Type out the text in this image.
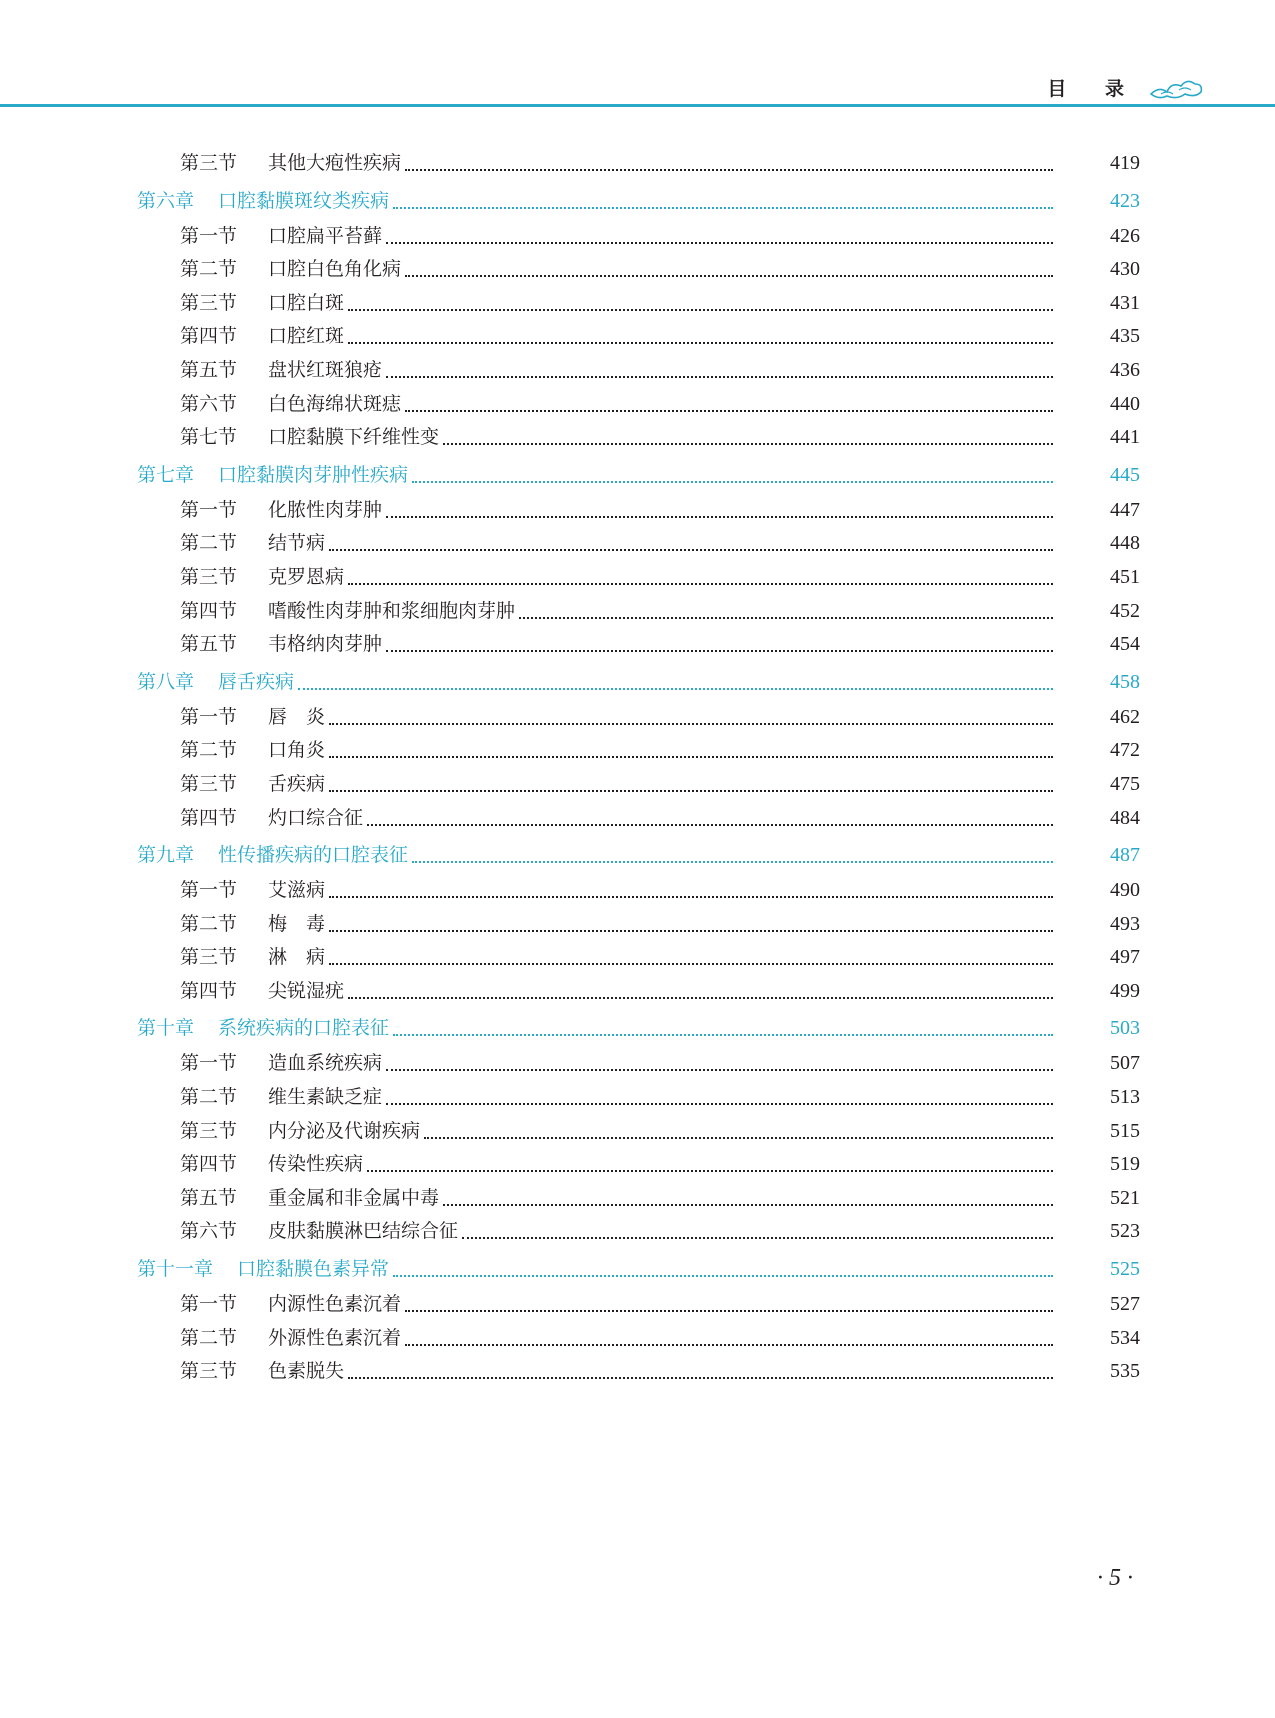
目 录
第三节 其他大疱性疾病	419
第六章 口腔黏膜斑纹类疾病	423
第一节 口腔扁平苔藓	426
第二节 口腔白色角化病	430
第三节 口腔白斑	431
第四节 口腔红斑	435
第五节 盘状红斑狼疮	436
第六节 白色海绵状斑痣	440
第七节 口腔黏膜下纤维性变	441
第七章 口腔黏膜肉芽肿性疾病	445
第一节 化脓性肉芽肿	447
第二节 结节病	448
第三节 克罗恩病	451
第四节 嗜酸性肉芽肿和浆细胞肉芽肿	452
第五节 韦格纳肉芽肿	454
第八章 唇舌疾病	458
第一节 唇　炎	462
第二节 口角炎	472
第三节 舌疾病	475
第四节 灼口综合征	484
第九章 性传播疾病的口腔表征	487
第一节 艾滋病	490
第二节 梅　毒	493
第三节 淋　病	497
第四节 尖锐湿疣	499
第十章 系统疾病的口腔表征	503
第一节 造血系统疾病	507
第二节 维生素缺乏症	513
第三节 内分泌及代谢疾病	515
第四节 传染性疾病	519
第五节 重金属和非金属中毒	521
第六节 皮肤黏膜淋巴结综合征	523
第十一章 口腔黏膜色素异常	525
第一节 内源性色素沉着	527
第二节 外源性色素沉着	534
第三节 色素脱失	535
· 5 ·
